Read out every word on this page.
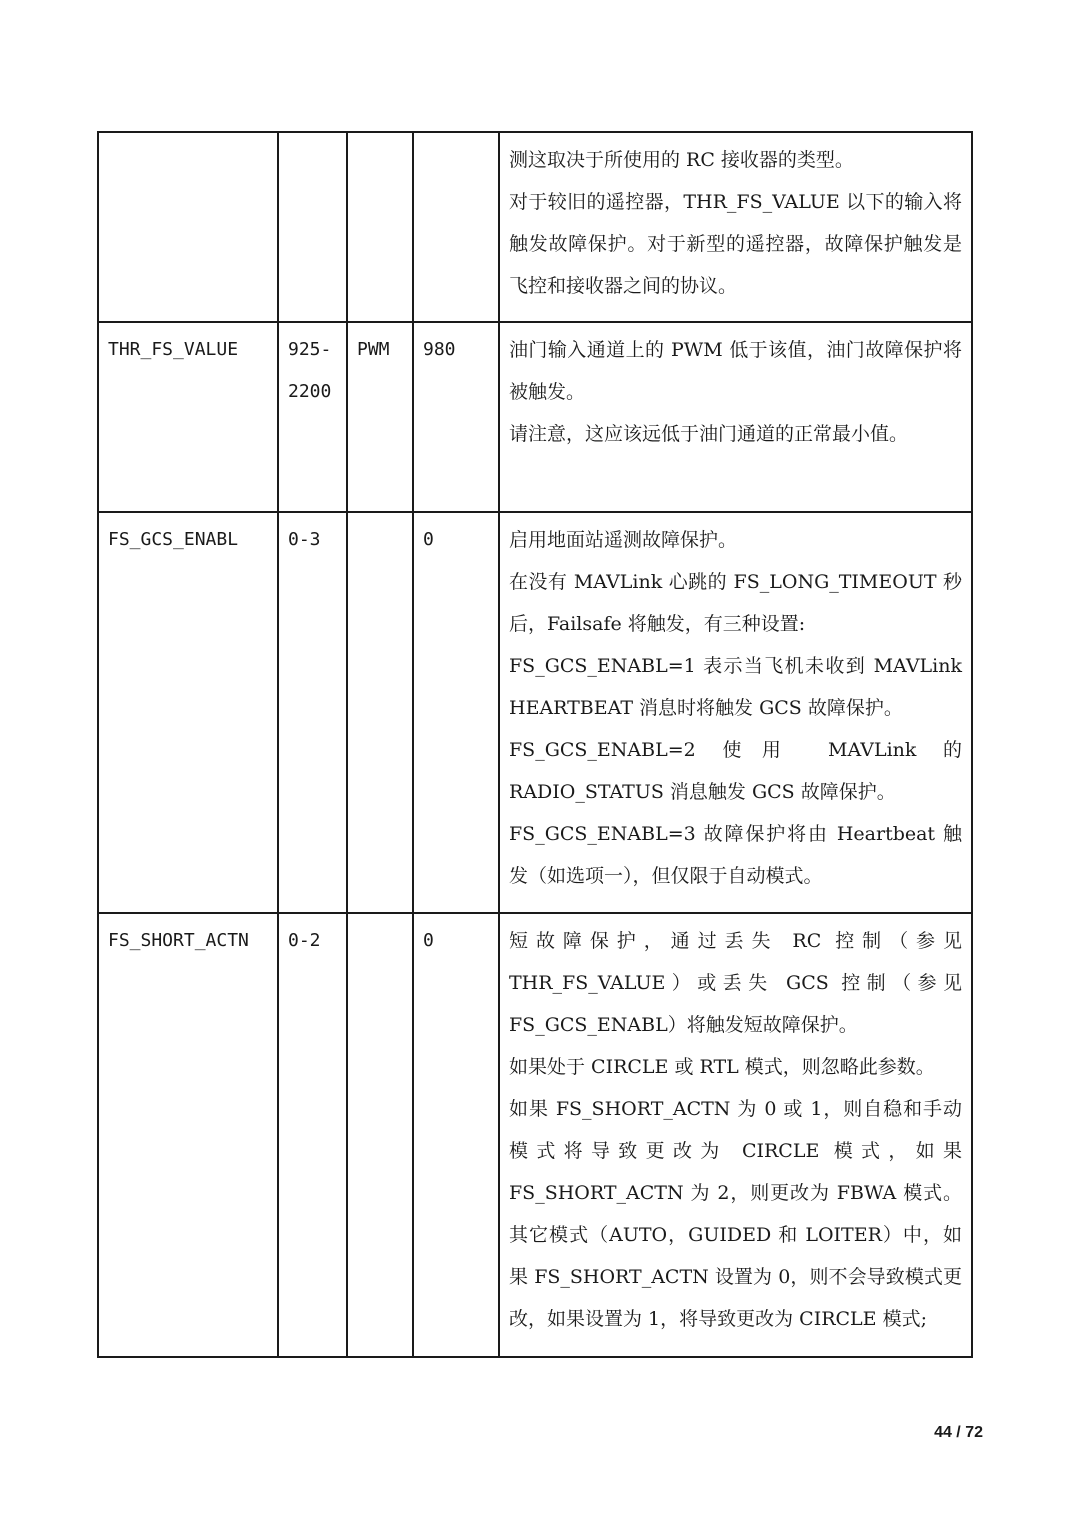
				测这取决于所使用的 RC 接收器的类型。

对于较旧的遥控器，THR_FS_VALUE 以下的输入将触发故障保护。对于新型的遥控器，故障保护触发是飞控和接收器之间的协议。

THR_FS_VALUE	925-2200	PWM	980	油门输入通道上的 PWM 低于该值，油门故障保护将被触发。

请注意，这应该远低于油门通道的正常最小值。

FS_GCS_ENABL	0-3		0	启用地面站遥测故障保护。

在没有 MAVLink 心跳的 FS_LONG_TIMEOUT 秒后，Failsafe 将触发，有三种设置:

FS_GCS_ENABL=1 表示当飞机未收到 MAVLink HEARTBEAT 消息时将触发 GCS 故障保护。

FS_GCS_ENABL=2 使用 MAVLink 的 RADIO_STATUS 消息触发 GCS 故障保护。

FS_GCS_ENABL=3 故障保护将由 Heartbeat 触发（如选项一），但仅限于自动模式。

FS_SHORT_ACTN	0-2		0	短故障保护，通过丢失 RC 控制（参见 THR_FS_VALUE）或丢失 GCS 控制（参见 FS_GCS_ENABL）将触发短故障保护。

如果处于 CIRCLE 或 RTL 模式，则忽略此参数。

如果 FS_SHORT_ACTN 为 0 或 1，则自稳和手动模式将导致更改为 CIRCLE 模式，如果 FS_SHORT_ACTN 为 2，则更改为 FBWA 模式。其它模式（AUTO，GUIDED 和 LOITER）中，如果 FS_SHORT_ACTN 设置为 0，则不会导致模式更改，如果设置为 1，将导致更改为 CIRCLE 模式;

44 / 72
